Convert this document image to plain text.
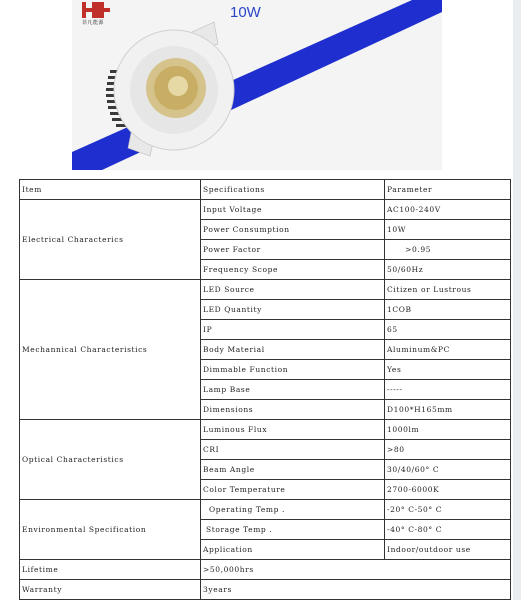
菲凡能源
10W
Item	Specifications	Parameter
Electrical Characterics	Input Voltage	AC100-240V
	Power Consumption	10W
	Power Factor	　>0.95
	Frequency Scope	50/60Hz
Mechannical Characteristics	LED Source	Citizen or Lustrous
	LED Quantity	1COB
	IP	65
	Body Material	Aluminum&PC
	Dimmable Function	Yes
	Lamp Base	-----
	Dimensions	D100*H165mm
Optical Characteristics	Luminous Flux	1000lm
	CRI	>80
	Beam Angle	30/40/60° C
	Color Temperature	2700-6000K
Environmental Specification	Operating Temp .	-20° C-50° C
	Storage Temp .	-40° C-80° C
	Application	Indoor/outdoor use
Lifetime	>50,000hrs	
Warranty	3years	
